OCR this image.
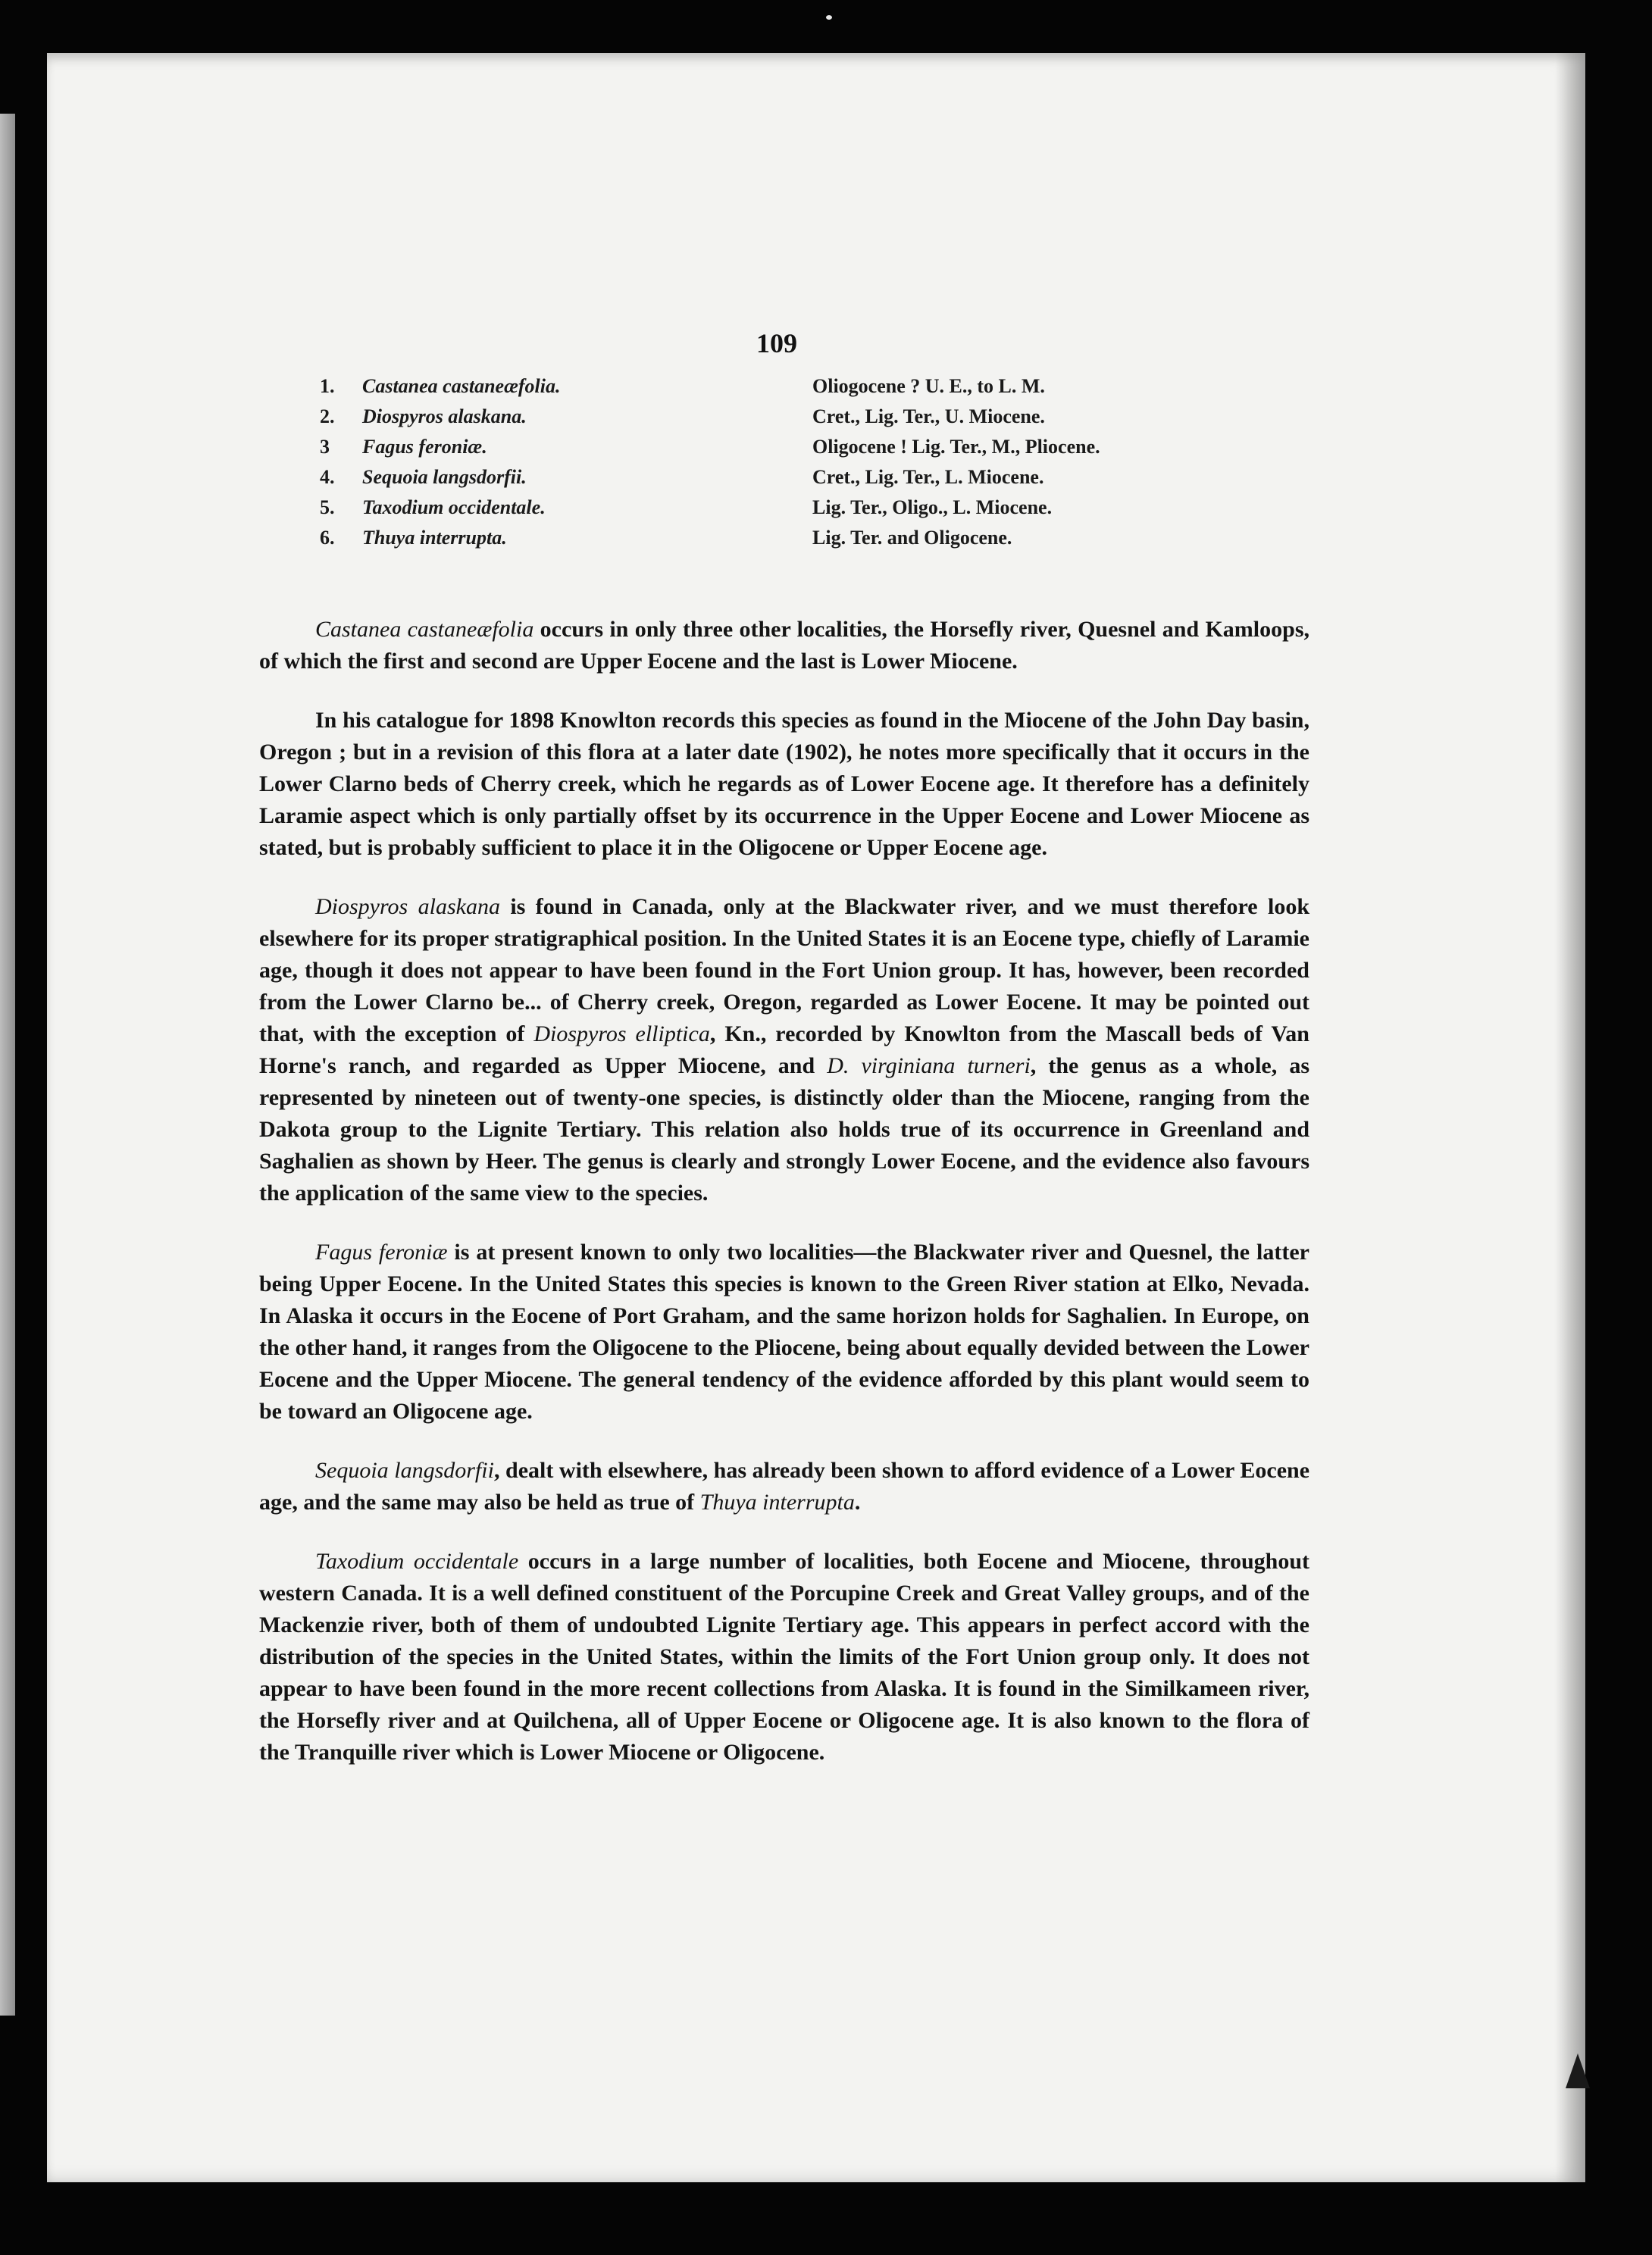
109
1.	Castanea castaneæfolia.	Oliogocene ? U. E., to L. M.
2.	Diospyros alaskana.	Cret., Lig. Ter., U. Miocene.
3	Fagus feroniæ.	Oligocene ! Lig. Ter., M., Pliocene.
4.	Sequoia langsdorfii.	Cret., Lig. Ter., L. Miocene.
5.	Taxodium occidentale.	Lig. Ter., Oligo., L. Miocene.
6.	Thuya interrupta.	Lig. Ter. and Oligocene.

Castanea castaneæfolia occurs in only three other localities, the Horsefly river, Quesnel and Kamloops, of which the first and second are Upper Eocene and the last is Lower Miocene.

In his catalogue for 1898 Knowlton records this species as found in the Miocene of the John Day basin, Oregon ; but in a revision of this flora at a later date (1902), he notes more specifically that it occurs in the Lower Clarno beds of Cherry creek, which he regards as of Lower Eocene age. It therefore has a definitely Laramie aspect which is only partially offset by its occurrence in the Upper Eocene and Lower Miocene as stated, but is probably sufficient to place it in the Oligocene or Upper Eocene age.

Diospyros alaskana is found in Canada, only at the Blackwater river, and we must therefore look elsewhere for its proper stratigraphical position. In the United States it is an Eocene type, chiefly of Laramie age, though it does not appear to have been found in the Fort Union group. It has, however, been recorded from the Lower Clarno be... of Cherry creek, Oregon, regarded as Lower Eocene. It may be pointed out that, with the exception of Diospyros elliptica, Kn., recorded by Knowlton from the Mascall beds of Van Horne's ranch, and regarded as Upper Miocene, and D. virginiana turneri, the genus as a whole, as represented by nineteen out of twenty-one species, is distinctly older than the Miocene, ranging from the Dakota group to the Lignite Tertiary. This relation also holds true of its occurrence in Greenland and Saghalien as shown by Heer. The genus is clearly and strongly Lower Eocene, and the evidence also favours the application of the same view to the species.

Fagus feroniæ is at present known to only two localities—the Blackwater river and Quesnel, the latter being Upper Eocene. In the United States this species is known to the Green River station at Elko, Nevada. In Alaska it occurs in the Eocene of Port Graham, and the same horizon holds for Saghalien. In Europe, on the other hand, it ranges from the Oligocene to the Pliocene, being about equally devided between the Lower Eocene and the Upper Miocene. The general tendency of the evidence afforded by this plant would seem to be toward an Oligocene age.

Sequoia langsdorfii, dealt with elsewhere, has already been shown to afford evidence of a Lower Eocene age, and the same may also be held as true of Thuya interrupta.

Taxodium occidentale occurs in a large number of localities, both Eocene and Miocene, throughout western Canada. It is a well defined constituent of the Porcupine Creek and Great Valley groups, and of the Mackenzie river, both of them of undoubted Lignite Tertiary age. This appears in perfect accord with the distribution of the species in the United States, within the limits of the Fort Union group only. It does not appear to have been found in the more recent collections from Alaska. It is found in the Similkameen river, the Horsefly river and at Quilchena, all of Upper Eocene or Oligocene age. It is also known to the flora of the Tranquille river which is Lower Miocene or Oligocene.
